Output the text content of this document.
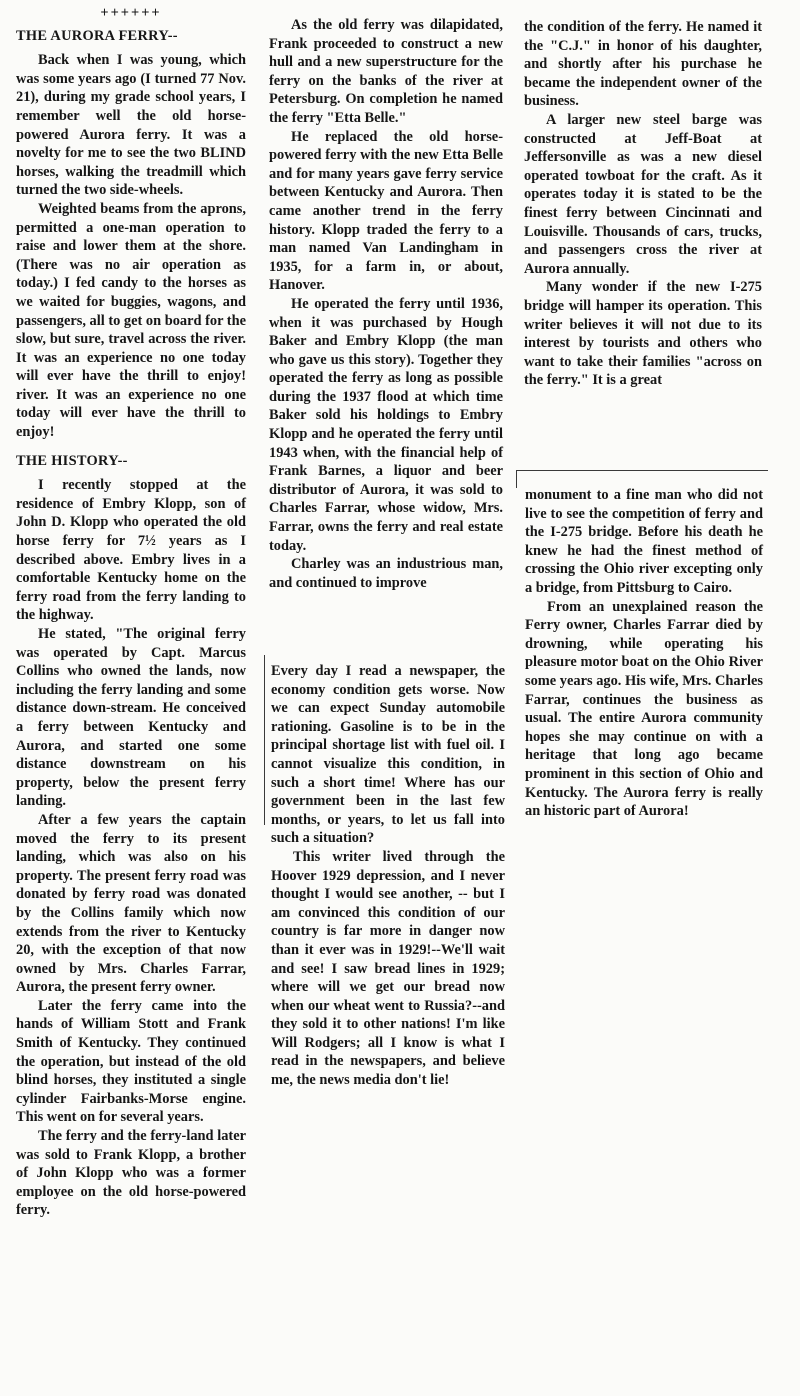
++++++
THE AURORA FERRY--

Back when I was young, which was some years ago (I turned 77 Nov. 21), during my grade school years, I remember well the old horse-powered Aurora ferry. It was a novelty for me to see the two BLIND horses, walking the treadmill which turned the two side-wheels.

Weighted beams from the aprons, permitted a one-man operation to raise and lower them at the shore. (There was no air operation as today.) I fed candy to the horses as we waited for buggies, wagons, and passengers, all to get on board for the slow, but sure, travel across the river. It was an experience no one today will ever have the thrill to enjoy! river. It was an experience no one today will ever have the thrill to enjoy!

THE HISTORY--

I recently stopped at the residence of Embry Klopp, son of John D. Klopp who operated the old horse ferry for 7½ years as I described above. Embry lives in a comfortable Kentucky home on the ferry road from the ferry landing to the highway.

He stated, "The original ferry was operated by Capt. Marcus Collins who owned the lands, now including the ferry landing and some distance down-stream. He conceived a ferry between Kentucky and Aurora, and started one some distance downstream on his property, below the present ferry landing.

After a few years the captain moved the ferry to its present landing, which was also on his property. The present ferry road was donated by ferry road was donated by the Collins family which now extends from the river to Kentucky 20, with the exception of that now owned by Mrs. Charles Farrar, Aurora, the present ferry owner.

Later the ferry came into the hands of William Stott and Frank Smith of Kentucky. They continued the operation, but instead of the old blind horses, they instituted a single cylinder Fairbanks-Morse engine. This went on for several years.

The ferry and the ferry-land later was sold to Frank Klopp, a brother of John Klopp who was a former employee on the old horse-powered ferry.

As the old ferry was dilapidated, Frank proceeded to construct a new hull and a new superstructure for the ferry on the banks of the river at Petersburg. On completion he named the ferry "Etta Belle."

He replaced the old horse-powered ferry with the new Etta Belle and for many years gave ferry service between Kentucky and Aurora. Then came another trend in the ferry history. Klopp traded the ferry to a man named Van Landingham in 1935, for a farm in, or about, Hanover.

He operated the ferry until 1936, when it was purchased by Hough Baker and Embry Klopp (the man who gave us this story). Together they operated the ferry as long as possible during the 1937 flood at which time Baker sold his holdings to Embry Klopp and he operated the ferry until 1943 when, with the financial help of Frank Barnes, a liquor and beer distributor of Aurora, it was sold to Charles Farrar, whose widow, Mrs. Farrar, owns the ferry and real estate today.

Charley was an industrious man, and continued to improve

Every day I read a newspaper, the economy condition gets worse. Now we can expect Sunday automobile rationing. Gasoline is to be in the principal shortage list with fuel oil. I cannot visualize this condition, in such a short time! Where has our government been in the last few months, or years, to let us fall into such a situation?

This writer lived through the Hoover 1929 depression, and I never thought I would see another, -- but I am convinced this condition of our country is far more in danger now than it ever was in 1929!--We'll wait and see! I saw bread lines in 1929; where will we get our bread now when our wheat went to Russia?--and they sold it to other nations! I'm like Will Rodgers; all I know is what I read in the newspapers, and believe me, the news media don't lie!

the condition of the ferry. He named it the "C.J." in honor of his daughter, and shortly after his purchase he became the independent owner of the business.

A larger new steel barge was constructed at Jeff-Boat at Jeffersonville as was a new diesel operated towboat for the craft. As it operates today it is stated to be the finest ferry between Cincinnati and Louisville. Thousands of cars, trucks, and passengers cross the river at Aurora annually.

Many wonder if the new I-275 bridge will hamper its operation. This writer believes it will not due to its interest by tourists and others who want to take their families "across on the ferry." It is a great

monument to a fine man who did not live to see the competition of ferry and the I-275 bridge. Before his death he knew he had the finest method of crossing the Ohio river excepting only a bridge, from Pittsburg to Cairo.

From an unexplained reason the Ferry owner, Charles Farrar died by drowning, while operating his pleasure motor boat on the Ohio River some years ago. His wife, Mrs. Charles Farrar, continues the business as usual. The entire Aurora community hopes she may continue on with a heritage that long ago became prominent in this section of Ohio and Kentucky. The Aurora ferry is really an historic part of Aurora!
